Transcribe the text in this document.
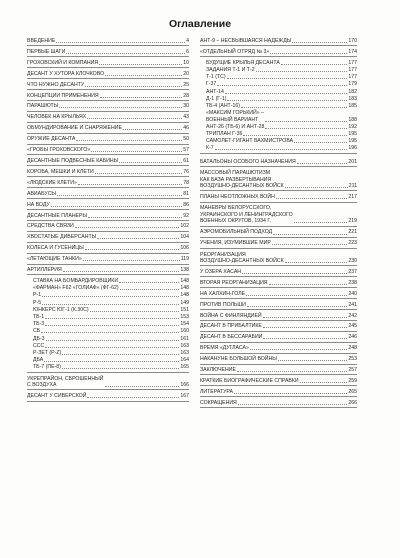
Оглавление
ВВЕДЕНИЕ	4
ПЕРВЫЕ ШАГИ	6
ГРОХОВСКИЙ И КОМПАНИЯ	10
ДЕСАНТ У ХУТОРА КЛОЧКОВО	20
ЧТО НУЖНО ДЕСАНТУ	25
КОНЦЕПЦИИ ПРИМЕНЕНИЯ	28
ПАРАШЮТЫ	30
ЧЕЛОВЕК НА КРЫЛЬЯХ	43
ОБМУНДИРОВАНИЕ И СНАРЯЖЕНИЕ	46
ОРУЖИЕ ДЕСАНТА	50
«ГРОБЫ ГРОХОВСКОГО»	57
ДЕСАНТНЫЕ ПОДВЕСНЫЕ КАБИНЫ	61
КОРОБА, МЕШКИ И КЛЕТИ	76
«ЛЮДСКИЕ КЛЕТИ»	78
АВИАБУСЫ	81
НА ВОДУ	86
ДЕСАНТНЫЕ ПЛАНЕРЫ	92
СРЕДСТВА СВЯЗИ	102
ХВОСТАТЫЕ ДИВЕРСАНТЫ	104
КОЛЕСА И ГУСЕНИЦЫ	106
«ЛЕТАЮЩИЕ ТАНКИ»	119
АРТИЛЛЕРИЯ	138
СТАВКА НА БОМБАРДИРОВЩИКИ	148
«ФАРМАН» F62 «ГОЛИАФ» (ФГ-62)	148
Р-1	148
Р-5	149
ЮНКЕРС ЮГ-1 (К.30С)	151
ТБ-1	153
ТБ-3	154
СБ	160
ДБ-3	161
ССС	163
Р-ЗЕТ (Р-Z)	163
ДБА	164
ТБ-7 (ПЕ-8)	165
УКРЕПРАЙОН, СБРОШЕННЫЙ
С ВОЗДУХА	166
ДЕСАНТ У СИВЕРСКОЙ	167
АНТ-9 – НЕСБЫВШАЯСЯ НАДЕЖДЫ	170
«ОТДЕЛЬНЫЙ ОТРЯД № 3»	174
БУДУЩИЕ КРЫЛЬЯ ДЕСАНТА	177
ЗАДАНИЯ Т-1 И Т-2	177
Т-1 (ТС)	177
Г-37	179
АНТ-14	182
Д-1 (Г-1)	183
ТБ-4 (АНТ-16)	185
«МАКСИМ ГОРЬКИЙ» –
ВОЕННЫЙ ВАРИАНТ	188
АНТ-26 (ТБ-6) И АНТ-28	192
ТРИПЛАН Г-36	195
САМОЛЕТ-ГИГАНТ ВАХМИСТРОВА	195
К-7	196
БАТАЛЬОНЫ ОСОБОГО НАЗНАЧЕНИЯ	201
МАССОВЫЙ ПАРАШЮТИЗМ
КАК БАЗА РАЗВЕРТЫВАНИЯ
ВОЗДУШНО-ДЕСАНТНЫХ ВОЙСК	211
ПЛАНЫ НЕОТЛОЖНЫХ ВОЙН	217
МАНЕВРЫ БЕЛОРУССКОГО,
УКРАИНСКОГО И ЛЕНИНГРАДСКОГО
ВОЕННЫХ ОКРУГОВ, 1934 Г.	219
АЭРОМОБИЛЬНЫЙ ПОДХОД	221
УЧЕНИЯ, ИЗУМИВШИЕ МИР	223
РЕОРГАНИЗАЦИЯ
ВОЗДУШНО-ДЕСАНТНЫХ ВОЙСК	230
У ОЗЕРА ХАСАН	237
ВТОРАЯ РЕОРГАНИЗАЦИЯ	238
НА ХАЛХИН-ГОЛЕ	240
ПРОТИВ ПОЛЬШИ	241
ВОЙНА С ФИНЛЯНДИЕЙ	242
ДЕСАНТ В ПРИБАЛТИКЕ	245
ДЕСАНТ В БЕССАРАБИИ	246
ВРЕМЯ «ДУГЛАСА»	248
НАКАНУНЕ БОЛЬШОЙ ВОЙНЫ	253
ЗАКЛЮЧЕНИЕ	257
КРАТКИЕ БИОГРАФИЧЕСКИЕ СПРАВКИ	259
ЛИТЕРАТУРА	265
СОКРАЩЕНИЯ	266
